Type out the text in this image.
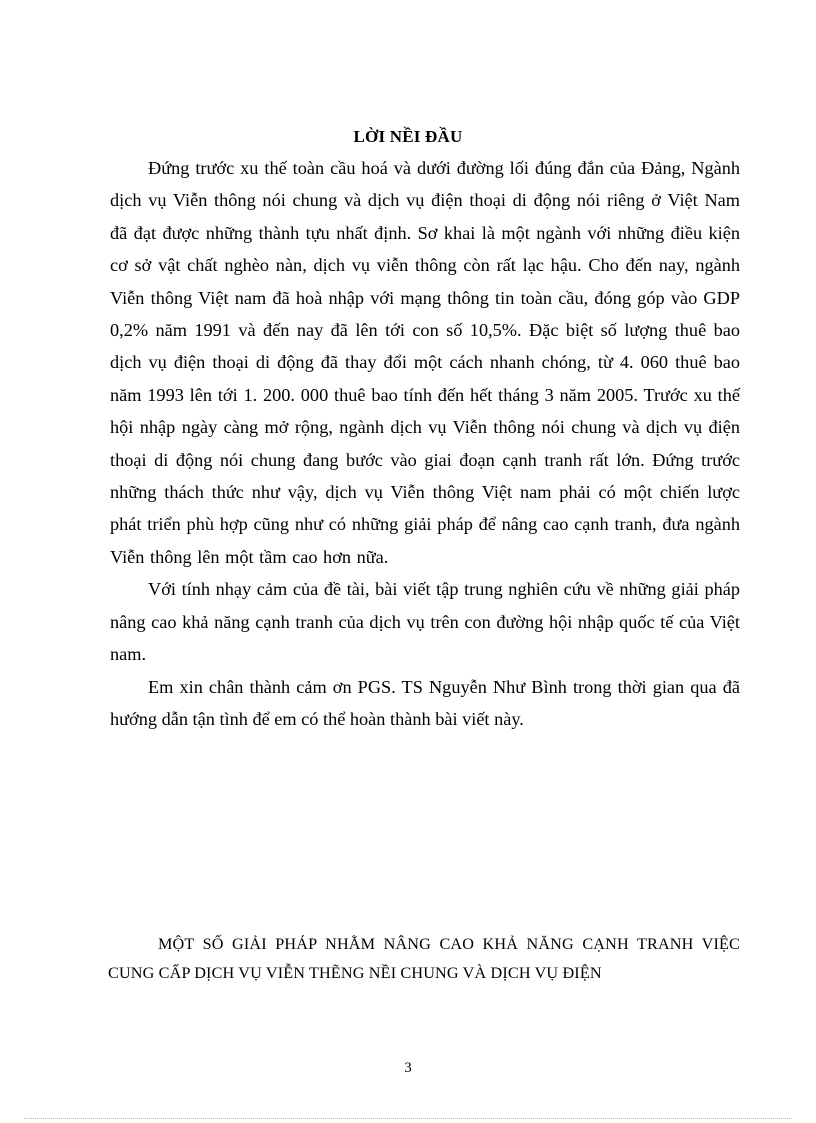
LỜI NỀI ĐẦU

Đứng trước xu thế toàn cầu hoá và dưới đường lối đúng đắn của Đảng, Ngành dịch vụ Viễn thông nói chung và dịch vụ điện thoại di động nói riêng ở Việt Nam đã đạt được những thành tựu nhất định. Sơ khai là một ngành với những điều kiện cơ sở vật chất nghèo nàn, dịch vụ viễn thông còn rất lạc hậu. Cho đến nay, ngành Viễn thông Việt nam đã hoà nhập với mạng thông tin toàn cầu, đóng góp vào GDP 0,2% năm 1991 và đến nay đã lên tới con số 10,5%. Đặc biệt số lượng thuê bao dịch vụ điện thoại di động đã thay đổi một cách nhanh chóng, từ 4. 060 thuê bao năm 1993 lên tới 1. 200. 000 thuê bao tính đến hết tháng 3 năm 2005. Trước xu thế hội nhập ngày càng mở rộng, ngành dịch vụ Viễn thông nói chung và dịch vụ điện thoại di động nói chung đang bước vào giai đoạn cạnh tranh rất lớn. Đứng trước những thách thức như vậy, dịch vụ Viễn thông Việt nam phải có một chiến lược phát triển phù hợp cũng như có những giải pháp để nâng cao cạnh tranh, đưa ngành Viễn thông lên một tầm cao hơn nữa.

Với tính nhạy cảm của đề tài, bài viết tập trung nghiên cứu về những giải pháp nâng cao khả năng cạnh tranh của dịch vụ trên con đường hội nhập quốc tế của Việt nam.

Em xin chân thành cảm ơn PGS. TS Nguyễn Như Bình trong thời gian qua đã hướng dẫn tận tình để em có thể hoàn thành bài viết này.

MỘT SỐ GIẢI PHÁP NHẰM NÂNG CAO KHẢ NĂNG CẠNH TRANH VIỆC CUNG CẤP DỊCH VỤ VIỄN THẼNG NỀI CHUNG VÀ DỊCH VỤ ĐIỆN
3
